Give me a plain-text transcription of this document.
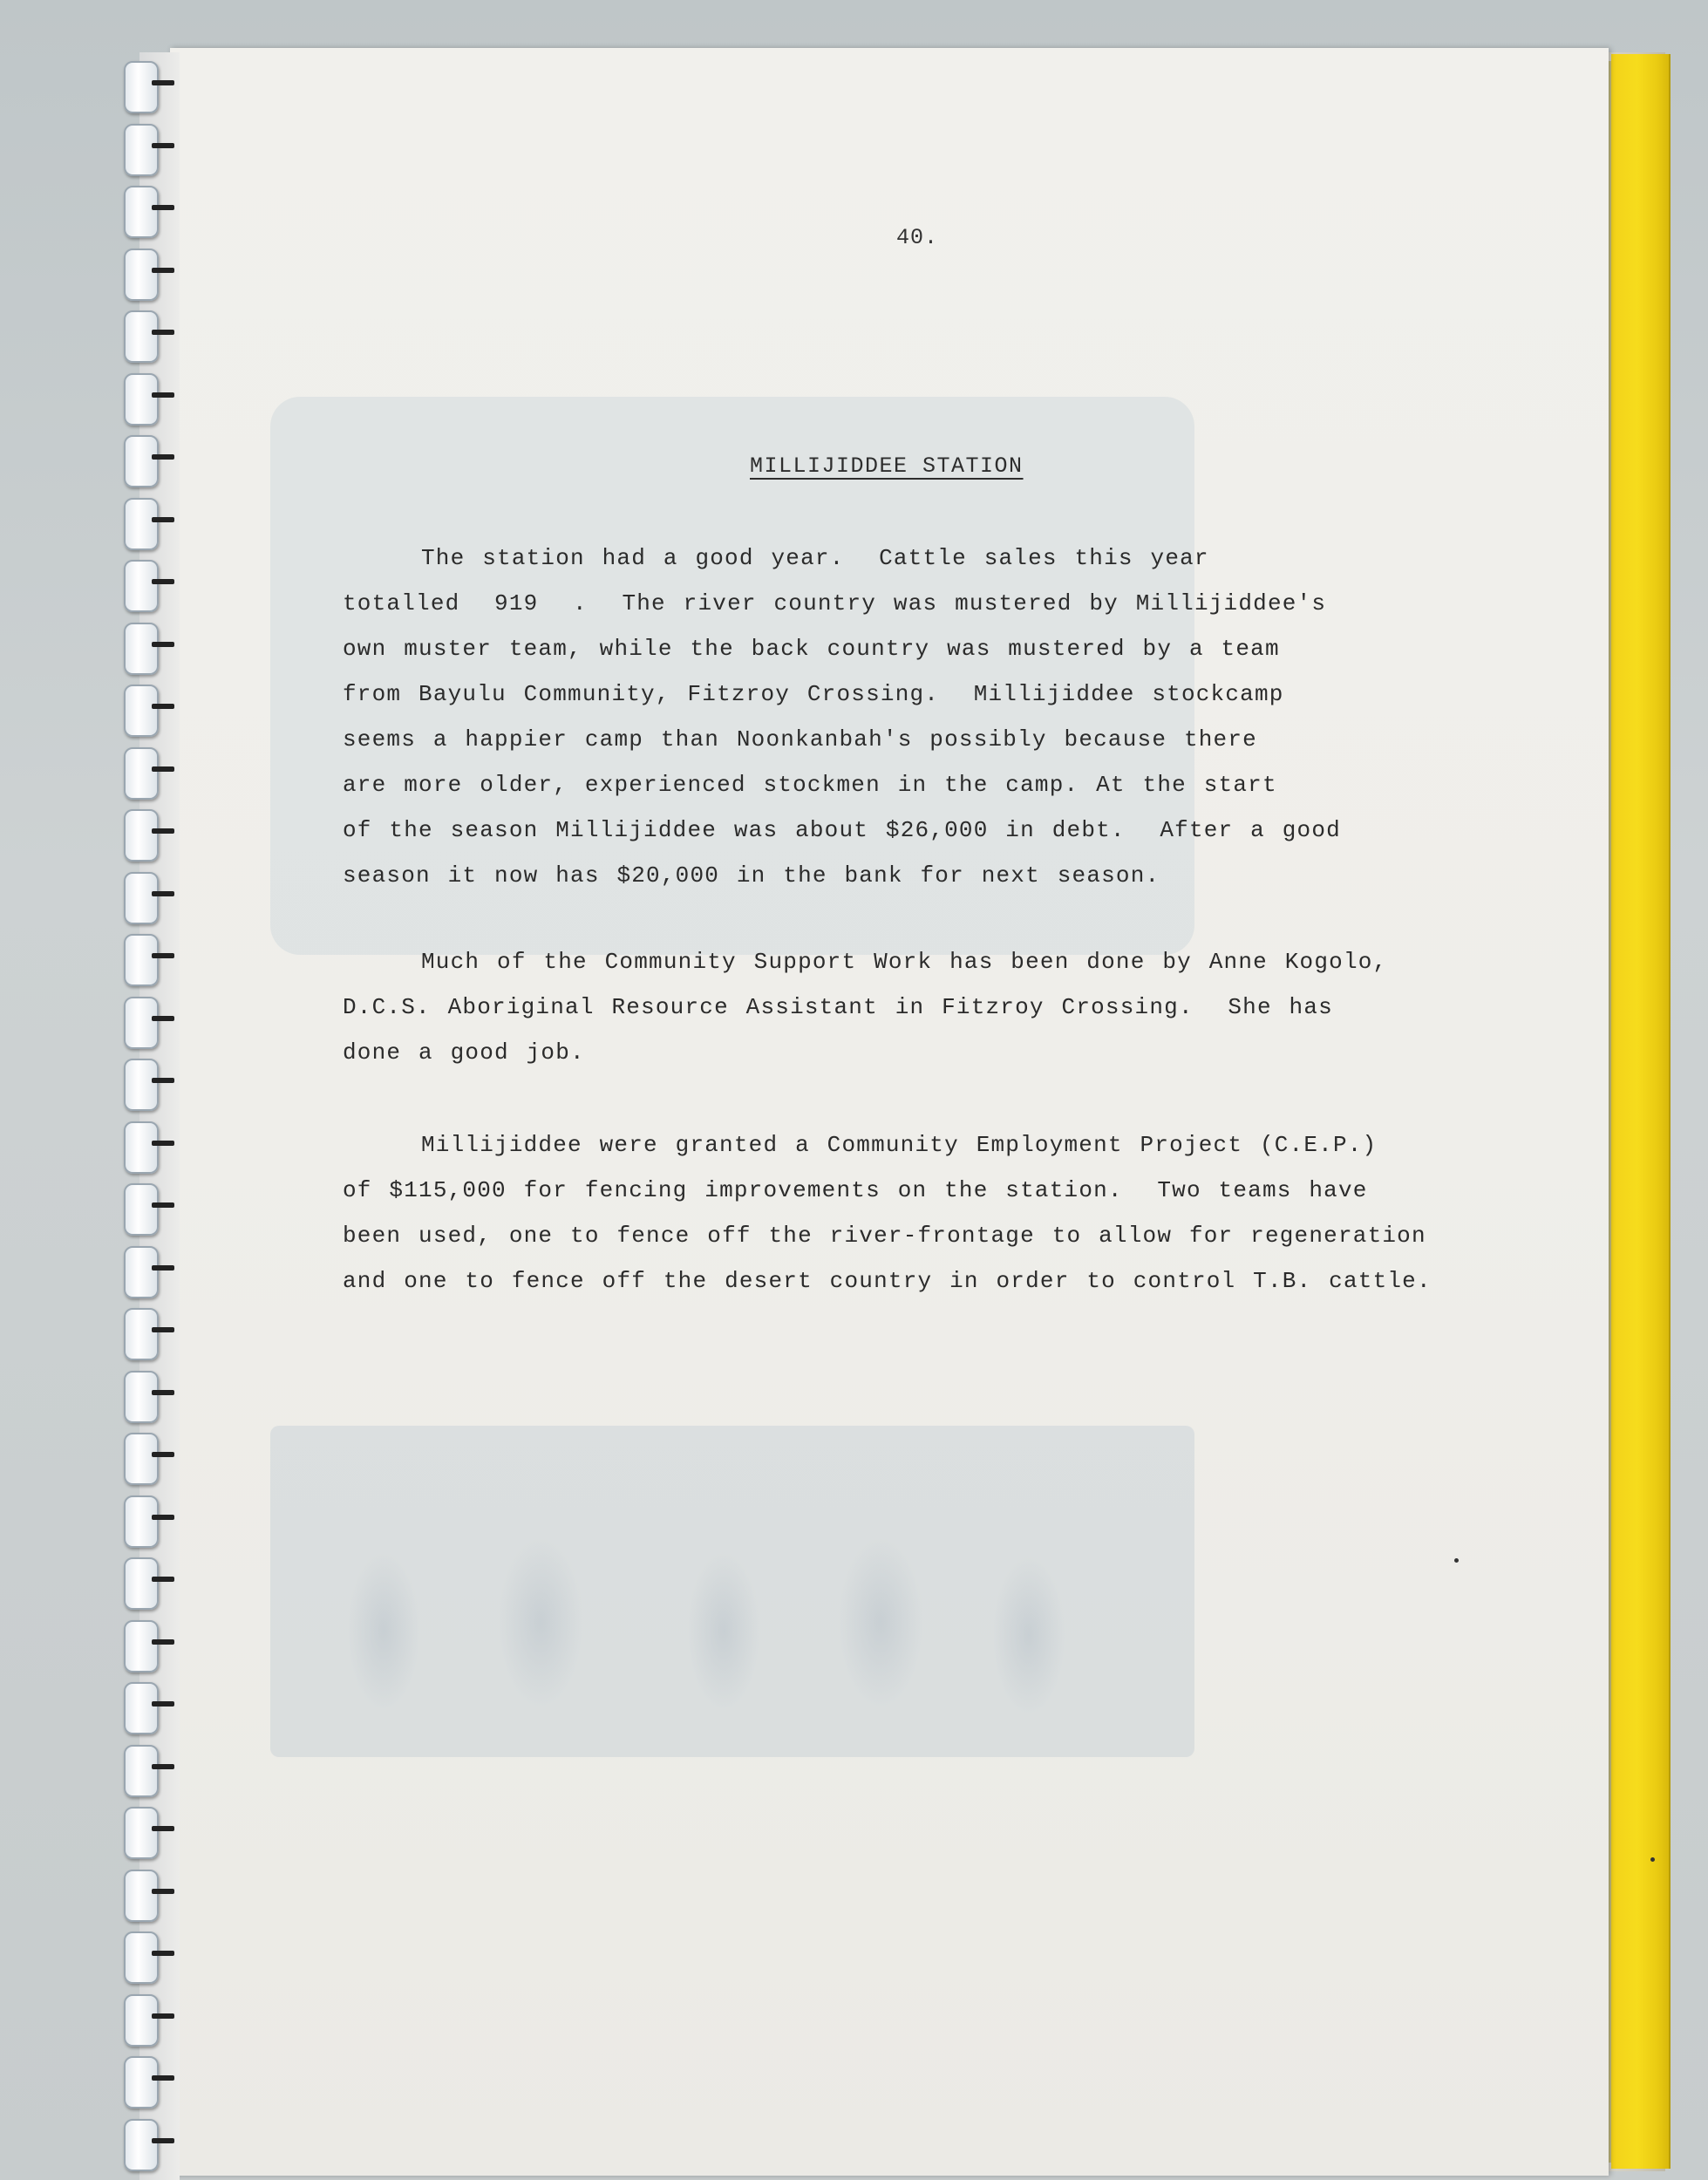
40.
MILLIJIDDEE STATION
The station had a good year.  Cattle sales this year
totalled  919  .  The river country was mustered by Millijiddee's
own muster team, while the back country was mustered by a team
from Bayulu Community, Fitzroy Crossing.  Millijiddee stockcamp
seems a happier camp than Noonkanbah's possibly because there
are more older, experienced stockmen in the camp. At the start
of the season Millijiddee was about $26,000 in debt.  After a good
season it now has $20,000 in the bank for next season.
Much of the Community Support Work has been done by Anne Kogolo,
D.C.S. Aboriginal Resource Assistant in Fitzroy Crossing.  She has
done a good job.
Millijiddee were granted a Community Employment Project (C.E.P.)
of $115,000 for fencing improvements on the station.  Two teams have
been used, one to fence off the river-frontage to allow for regeneration
and one to fence off the desert country in order to control T.B. cattle.
